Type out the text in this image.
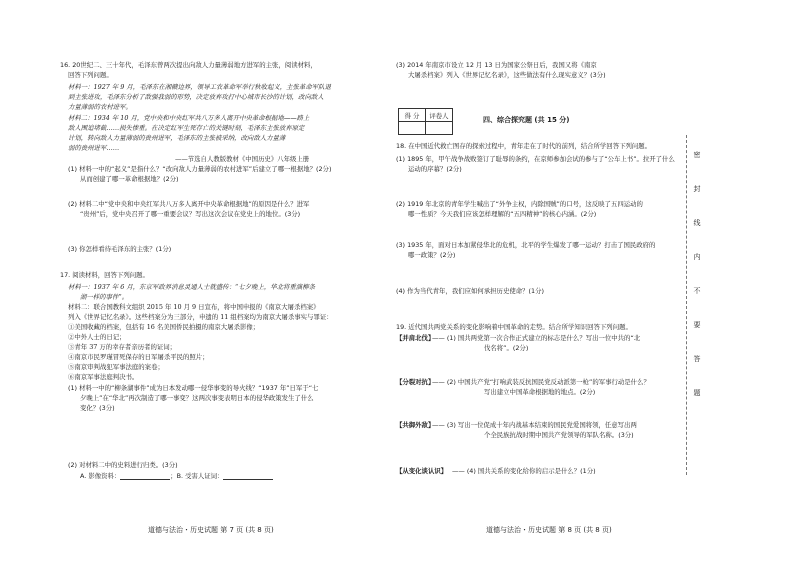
16. 20世纪二、三十年代，毛泽东曾两次提出向敌人力量薄弱地方进军的主张，阅读材料，
回答下列问题。
材料一：1927 年 9 月，毛泽东在湘赣边界，领导工农革命军举行秋收起义，主张革命军队退
到主张进攻，毛泽东分析了敌强我弱的形势，决定放弃攻打中心城市长沙的计划，改向敌人
力量薄弱的农村进军。
材料二：1934 年 10 月，党中央和中央红军共八万多人离开中央革命根据地——路上
敌人围追堵截……损失惨重。在决定红军生死存亡的关键时刻，毛泽东主张放弃原定
计划，转向敌人力量薄弱的贵州进军，毛泽东的主张被采纳，改向敌人力量薄
弱的贵州进军……
——节选自人教版教材《中国历史》八年级上册
(1) 材料一中的“起义”是指什么？“改向敌人力量薄弱的农村进军”后建立了哪一根据地？(2分)
从而创建了哪一革命根据地？(2分)
(2) 材料二中“党中央和中央红军共八万多人离开中央革命根据地”的原因是什么？进军
“贵州”后，党中央召开了哪一重要会议？写出这次会议在党史上的地位。(3分)
(3) 你怎样看待毛泽东的主张？(1分)
17. 阅读材料，回答下列问题。
材料一：1937 年 6 月，东京军政界消息灵通人士就盛传：“七夕晚上，华北将重演柳条
湖一样的事件”。
材料二：联合国教科文组织 2015 年 10 月 9 日宣布，将中国申报的《南京大屠杀档案》
列入《世界记忆名录》。这些档案分为三部分，申遗的 11 组档案均为南京大屠杀事实与罪证：
①美国收藏的档案，包括有 16 名美国侨民拍摄的南京大屠杀影像；
②中外人士的日记；
③青年 37 万的幸存者亲历者的证词；
④南京市民罗瑾冒死保存的日军屠杀平民的照片；
⑤南京审判战犯军事法庭的案卷；
⑥南京军事法庭判决书。
(1) 材料一中的“柳条湖事件”成为日本发动哪一侵华事变的导火线？“1937 年”日军于“七
夕晚上”在“华北”再次制造了哪一事变？这两次事变表明日本的侵华政策发生了什么
变化？(3分)
(2) 对材料二中的史料进行归类。(3分)
A. 影像资料：	；B. 受害人证词：
道德与法治・历史试题 第 7 页 (共 8 页)
(3) 2014 年南京市设立 12 月 13 日为国家公祭日后，我国又将《南京
大屠杀档案》列入《世界记忆名录》，这些做法有什么现实意义？(3分)
得 分	评卷人

四、综合探究题 (共 15 分)
18. 在中国近代救亡图存的探索过程中，青年走在了时代的前列，结合所学回答下列问题。
(1) 1895 年，甲午战争战败签订了耻辱的条约，在京师参加会试的参与了“公车上书”。拉开了什么
运动的序幕？(2分)
(2) 1919 年北京的青年学生喊出了“外争主权，内除国贼”的口号，这反映了五四运动的
哪一性质？今天我们应该怎样理解的“五四精神”的核心内涵。(2分)
(3) 1935 年，面对日本加紧侵华北的危机，北平的学生爆发了哪一运动？打击了国民政府的
哪一政策？(2分)
(4) 作为当代青年，我们应如何承担历史使命？(1分)
19. 近代国共两党关系的变化影响着中国革命的走势。结合所学知识回答下列问题。
【并肩北伐】
—— (1) 国共两党第一次合作正式建立的标志是什么？写出一位中共的“北
伐名将”。(2分)
【分裂对抗】
—— (2) 中国共产党“打响武装反抗国民党反动派第一枪”的军事行动是什么？
写出建立中国革命根据地的地点。(2分)
【共御外敌】
—— (3) 写出一位促成十年内战基本结束的国民党爱国将领，任意写出两
个全民族抗战时期中国共产党领导的军队名称。(3分)
【从变化谈认识】 —— (4) 国共关系的变化给你的启示是什么？(1分)
道德与法治・历史试题 第 8 页 (共 8 页)
密
封
线
内
不
要
答
题
